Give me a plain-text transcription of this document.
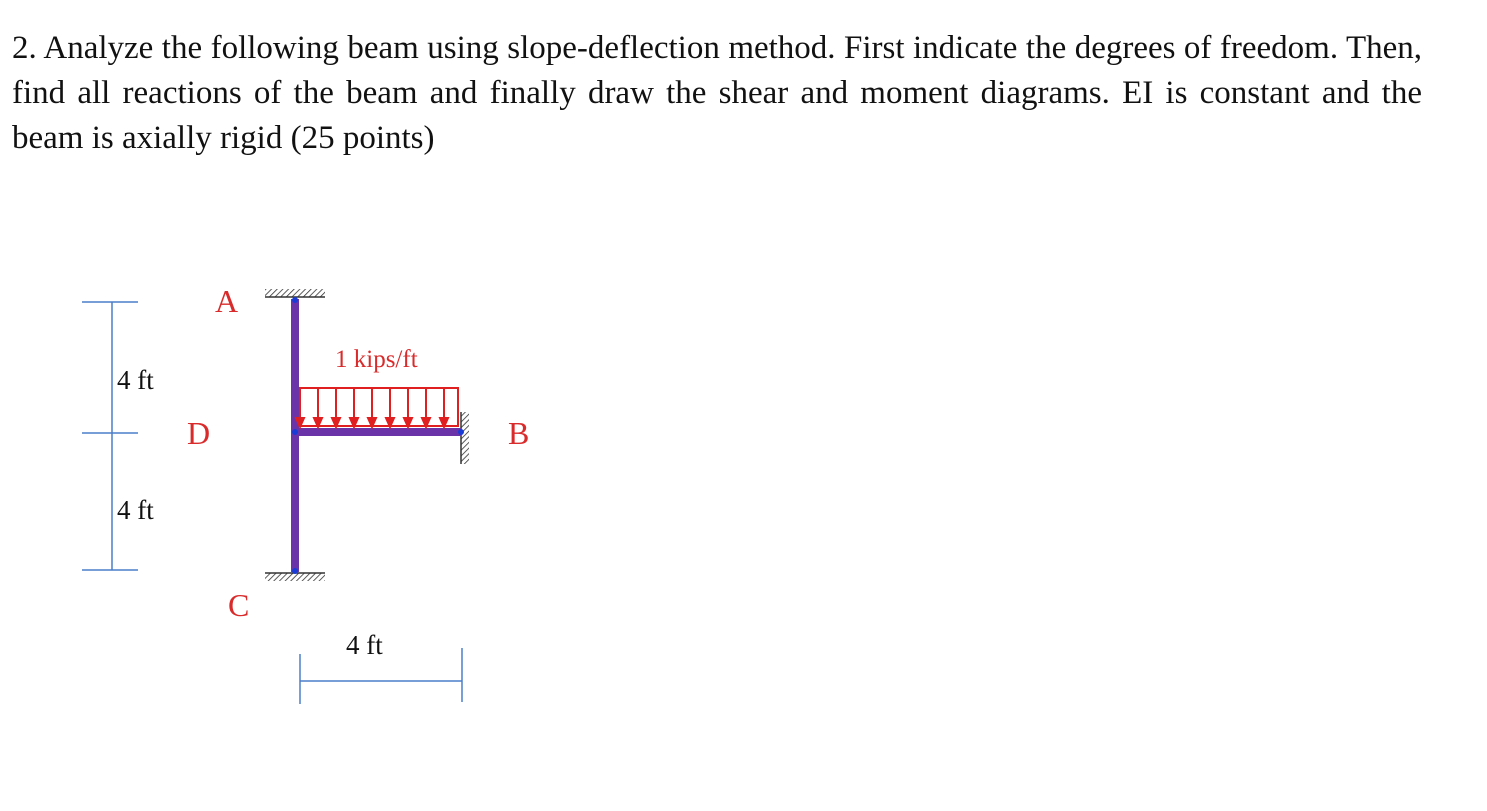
2. Analyze the following beam using slope-deflection method. First indicate the degrees of freedom. Then, find all reactions of the beam and finally draw the shear and moment diagrams. EI is constant and the beam is axially rigid (25 points)

4 ft
4 ft
4 ft
1 kips/ft
A
D	B
C
